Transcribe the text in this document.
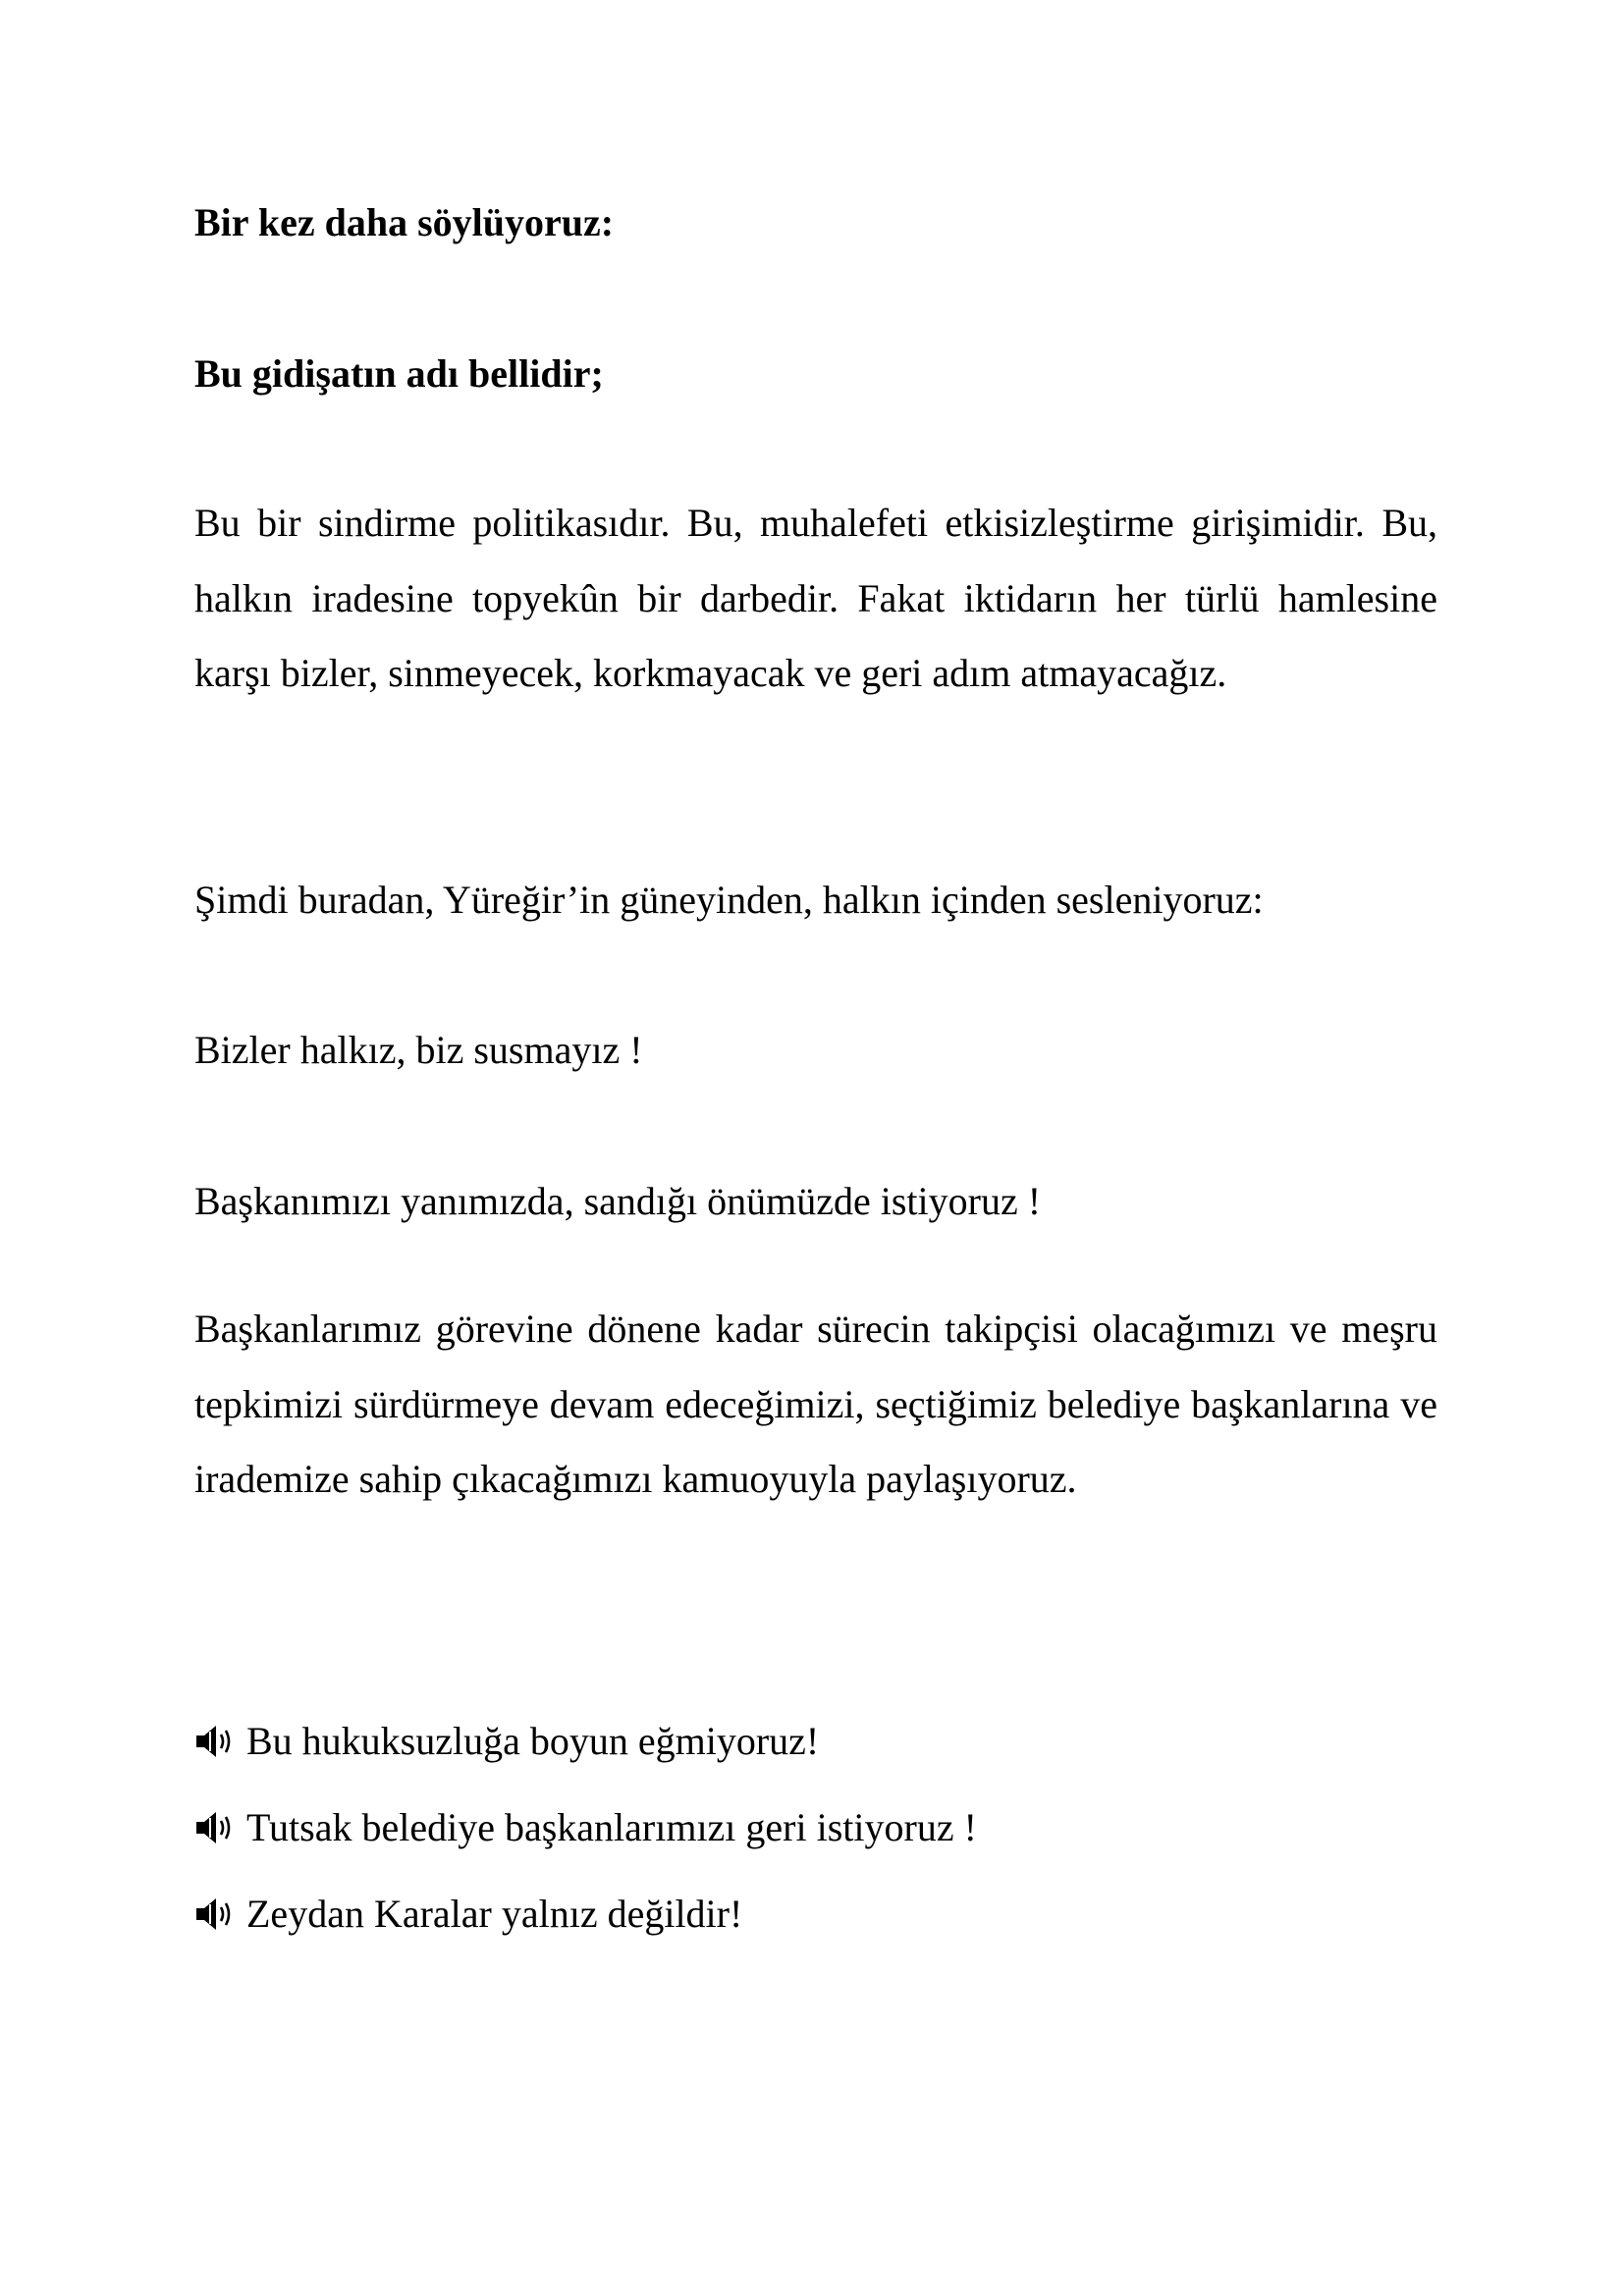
Bir kez daha söylüyoruz:
Bu gidişatın adı bellidir;
Bu bir sindirme politikasıdır. Bu, muhalefeti etkisizleştirme girişimidir. Bu, halkın iradesine topyekûn bir darbedir. Fakat iktidarın her türlü hamlesine karşı bizler, sinmeyecek, korkmayacak ve geri adım atmayacağız.
Şimdi buradan, Yüreğir’in güneyinden, halkın içinden sesleniyoruz:
Bizler halkız, biz susmayız !
Başkanımızı yanımızda, sandığı önümüzde istiyoruz !
Başkanlarımız görevine dönene kadar sürecin takipçisi olacağımızı ve meşru tepkimizi sürdürmeye devam edeceğimizi, seçtiğimiz belediye başkanlarına ve irademize sahip çıkacağımızı kamuoyuyla paylaşıyoruz.
Bu hukuksuzluğa boyun eğmiyoruz!
Tutsak belediye başkanlarımızı geri istiyoruz !
Zeydan Karalar yalnız değildir!
